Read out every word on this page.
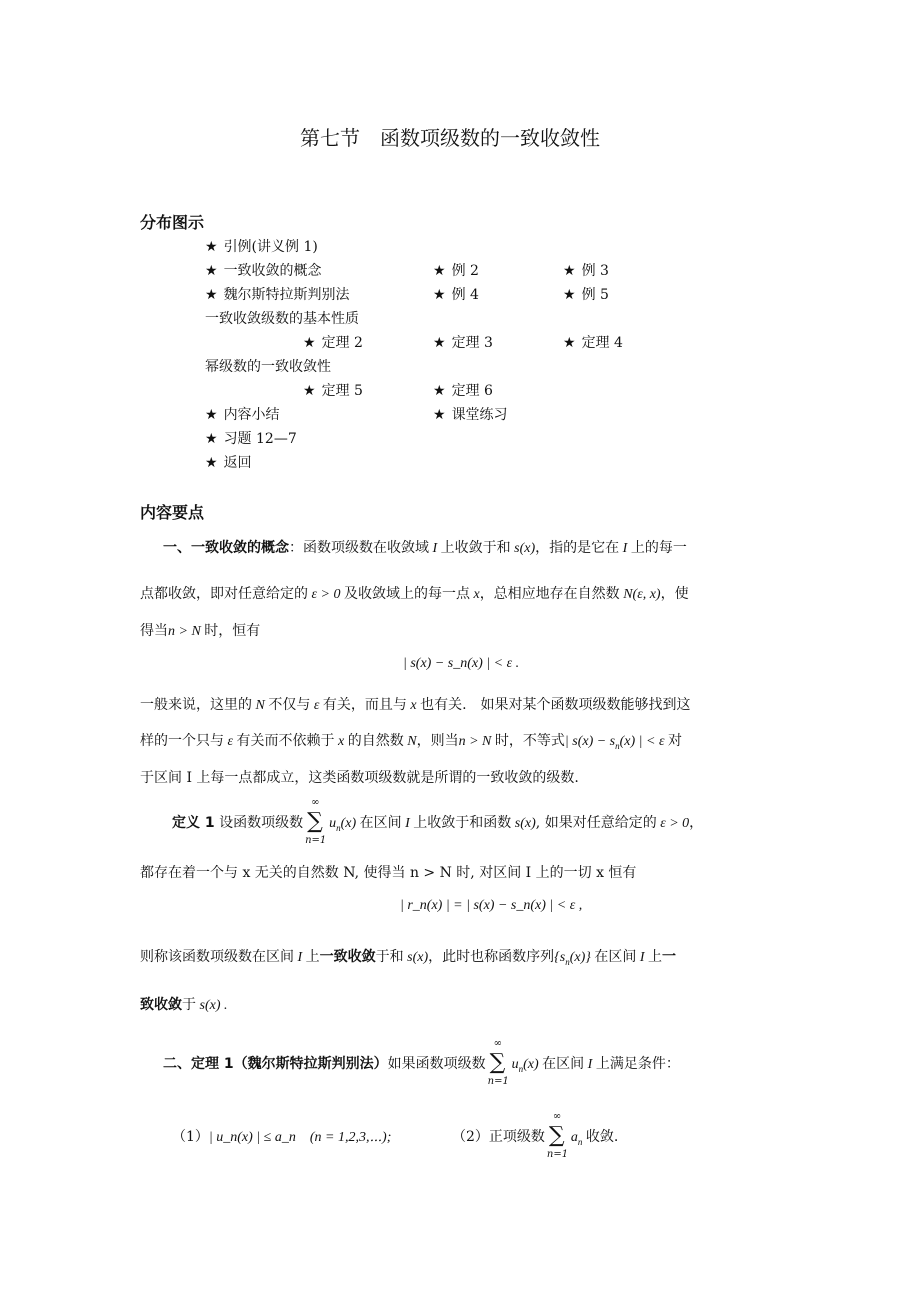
第七节　函数项级数的一致收敛性
分布图示
★ 引例(讲义例 1)
★ 一致收敛的概念	★ 例 2	★ 例 3
★ 魏尔斯特拉斯判别法	★ 例 4	★ 例 5
一致收敛级数的基本性质
★ 定理 2	★ 定理 3	★ 定理 4
幂级数的一致收敛性
★ 定理 5	★ 定理 6
★ 内容小结	★ 课堂练习
★ 习题 12—7
★ 返回
内容要点
一、一致收敛的概念：函数项级数在收敛域 I 上收敛于和 s(x)，指的是它在 I 上的每一
点都收敛，即对任意给定的 ε > 0 及收敛域上的每一点 x，总相应地存在自然数 N(ε, x)，使
得当n > N 时，恒有
| s(x) − s_n(x) | < ε .
一般来说，这里的 N 不仅与 ε 有关，而且与 x 也有关.　如果对某个函数项级数能够找到这
样的一个只与 ε 有关而不依赖于 x 的自然数 N，则当n > N 时，不等式| $s(x) - s_n(x)$ | < ε 对
于区间 I 上每一点都成立，这类函数项级数就是所谓的一致收敛的级数.
定义 1 设函数项级数
∞
∑
n=1
$u_n(x)$ 在区间 I 上收敛于和函数 s(x), 如果对任意给定的 ε > 0，
都存在着一个与 x 无关的自然数 N, 使得当 n > N 时, 对区间 I 上的一切 x 恒有
| r_n(x) | = | s(x) − s_n(x) | < ε ,
则称该函数项级数在区间 I 上一致收敛于和 s(x)，此时也称函数序列$\{s_n(x)\}$ 在区间 I 上一
致收敛于 s(x) .
二、定理 1（魏尔斯特拉斯判别法）如果函数项级数
∞
∑
n=1
$u_n(x)$ 在区间 I 上满足条件：
（1）| u_n(x) | ≤ a_n　(n = 1,2,3,⋯);	（2）正项级数
∞
∑
n=1
$a_n$ 收敛.
